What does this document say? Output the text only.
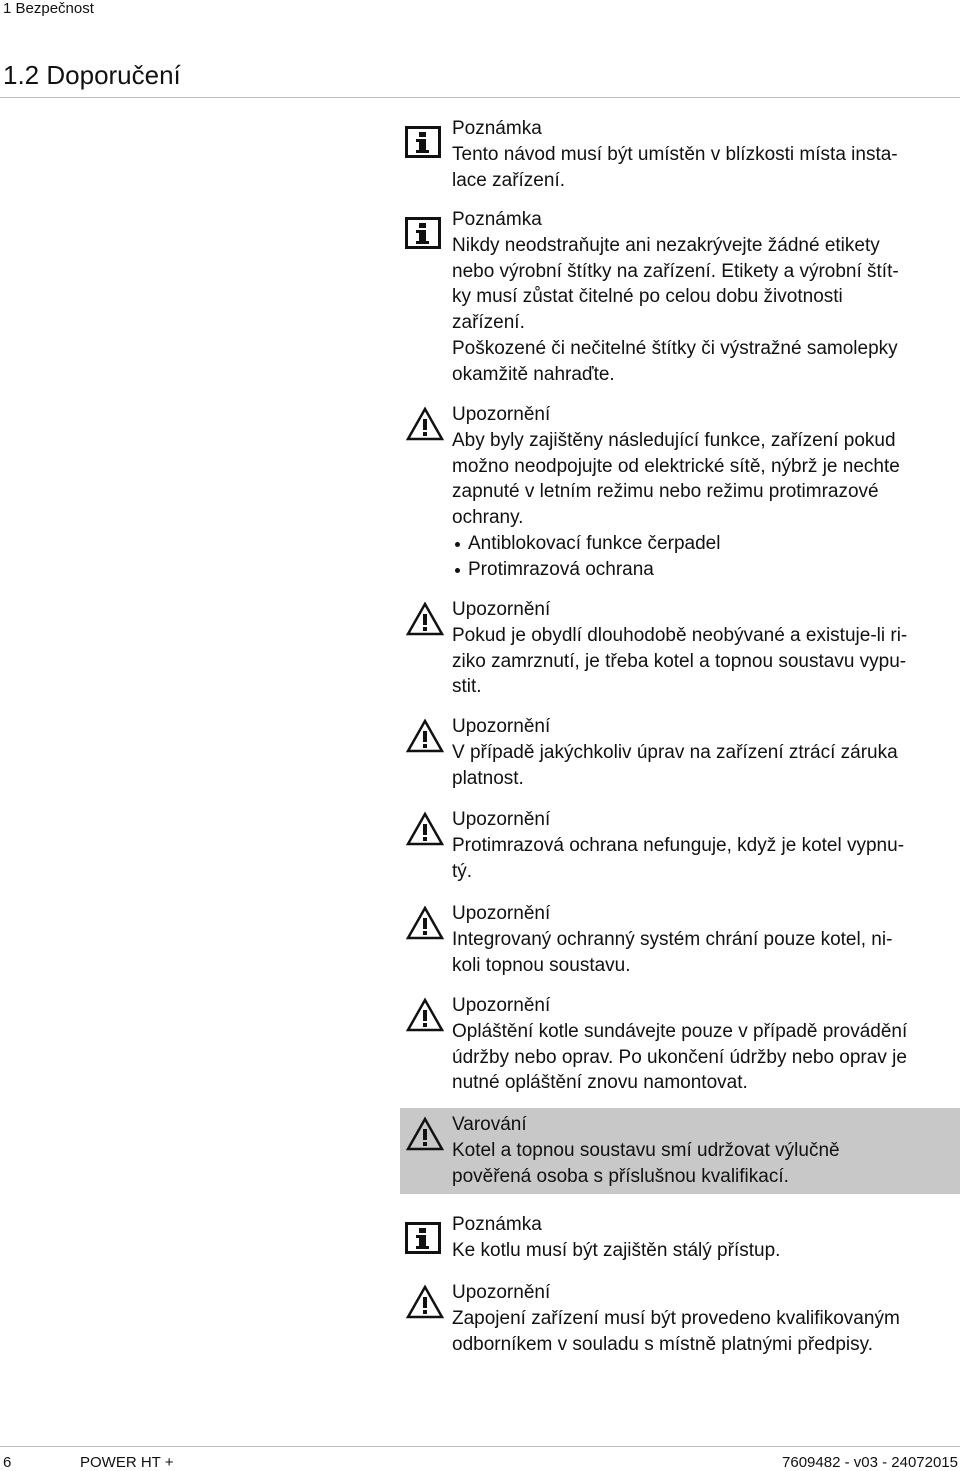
1 Bezpečnost
1.2 Doporučení
Poznámka
Tento návod musí být umístěn v blízkosti místa insta-
lace zařízení.
Poznámka
Nikdy neodstraňujte ani nezakrývejte žádné etikety
nebo výrobní štítky na zařízení. Etikety a výrobní štít-
ky musí zůstat čitelné po celou dobu životnosti
zařízení.
Poškozené či nečitelné štítky či výstražné samolepky
okamžitě nahraďte.
Upozornění
Aby byly zajištěny následující funkce, zařízení pokud
možno neodpojujte od elektrické sítě, nýbrž je nechte
zapnuté v letním režimu nebo režimu protimrazové
ochrany.
Antiblokovací funkce čerpadel
Protimrazová ochrana
Upozornění
Pokud je obydlí dlouhodobě neobývané a existuje-li ri-
ziko zamrznutí, je třeba kotel a topnou soustavu vypu-
stit.
Upozornění
V případě jakýchkoliv úprav na zařízení ztrácí záruka
platnost.
Upozornění
Protimrazová ochrana nefunguje, když je kotel vypnu-
tý.
Upozornění
Integrovaný ochranný systém chrání pouze kotel, ni-
koli topnou soustavu.
Upozornění
Opláštění kotle sundávejte pouze v případě provádění
údržby nebo oprav. Po ukončení údržby nebo oprav je
nutné opláštění znovu namontovat.
Varování
Kotel a topnou soustavu smí udržovat výlučně
pověřená osoba s příslušnou kvalifikací.
Poznámka
Ke kotlu musí být zajištěn stálý přístup.
Upozornění
Zapojení zařízení musí být provedeno kvalifikovaným
odborníkem v souladu s místně platnými předpisy.
6	POWER HT +	7609482 - v03 - 24072015
